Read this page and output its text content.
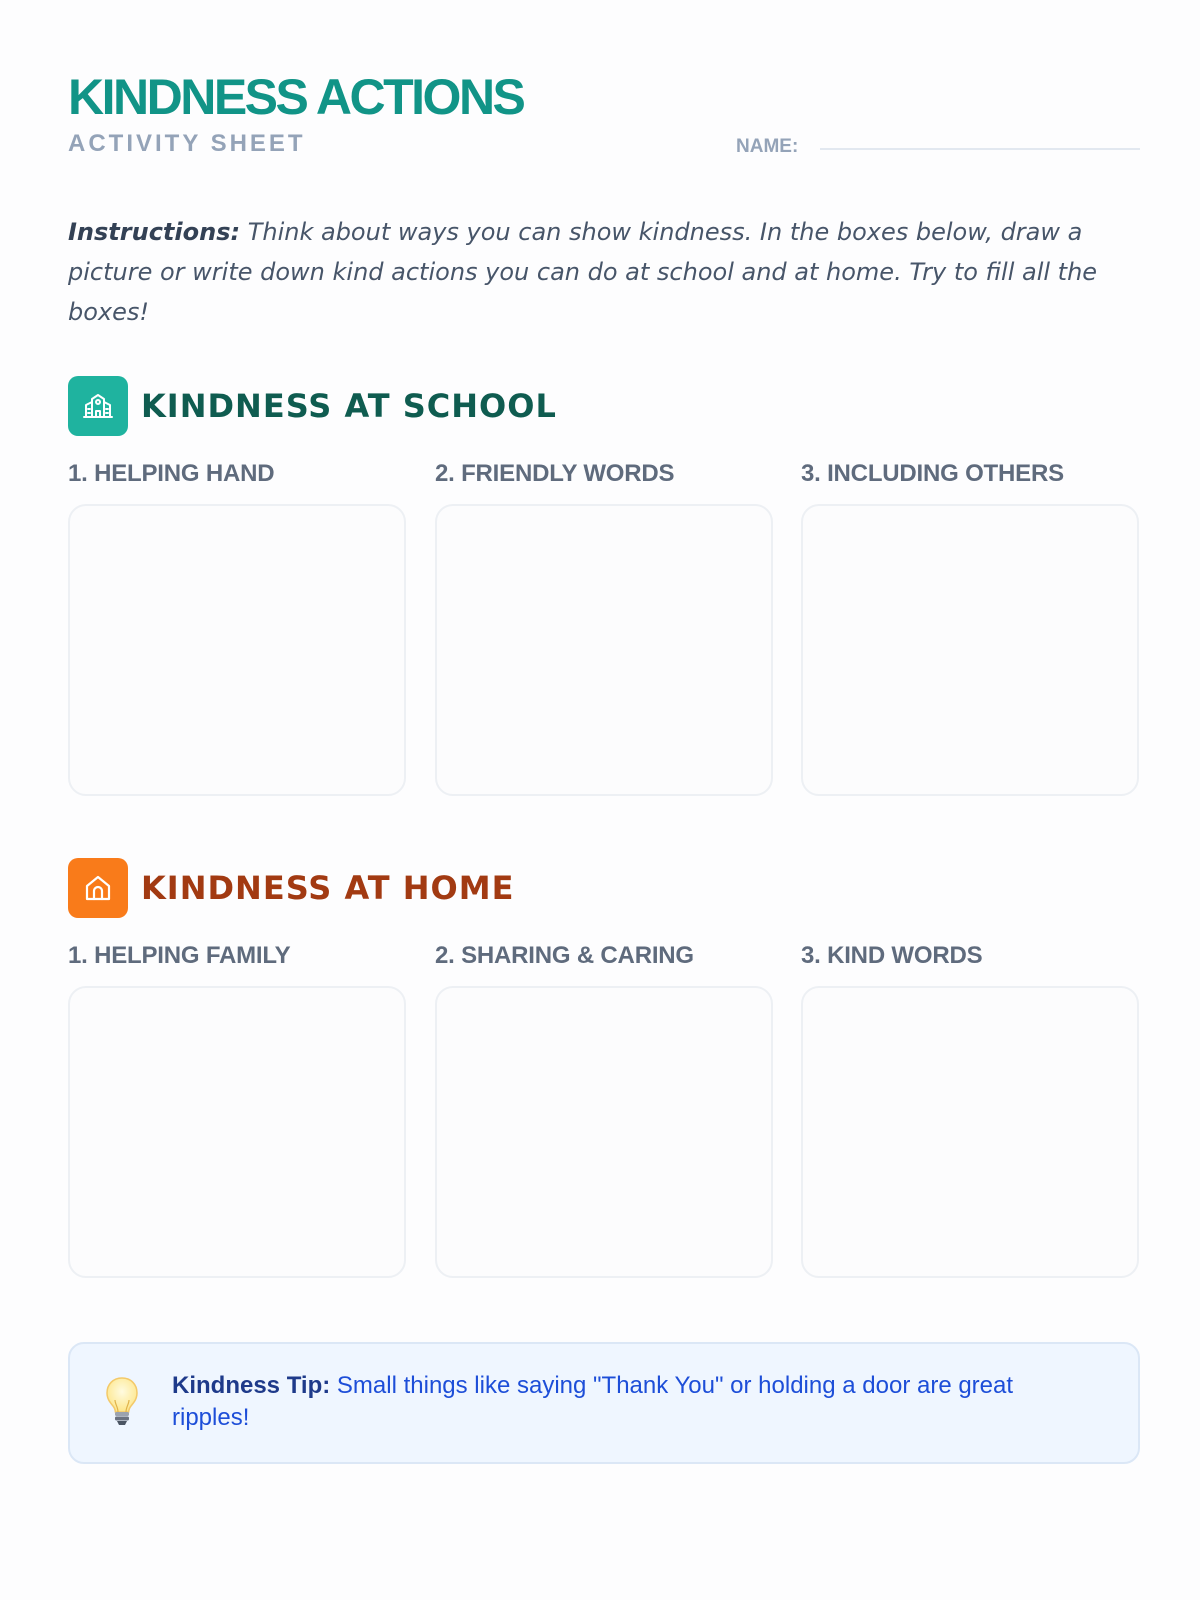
KINDNESS ACTIONS
ACTIVITY SHEET	NAME:

Instructions: Think about ways you can show kindness. In the boxes below, draw a picture or write down kind actions you can do at school and at home. Try to fill all the boxes!

KINDNESS AT SCHOOL
1. HELPING HAND	2. FRIENDLY WORDS	3. INCLUDING OTHERS
KINDNESS AT HOME
1. HELPING FAMILY	2. SHARING & CARING	3. KIND WORDS

Kindness Tip: Small things like saying "Thank You" or holding a door are great ripples!
